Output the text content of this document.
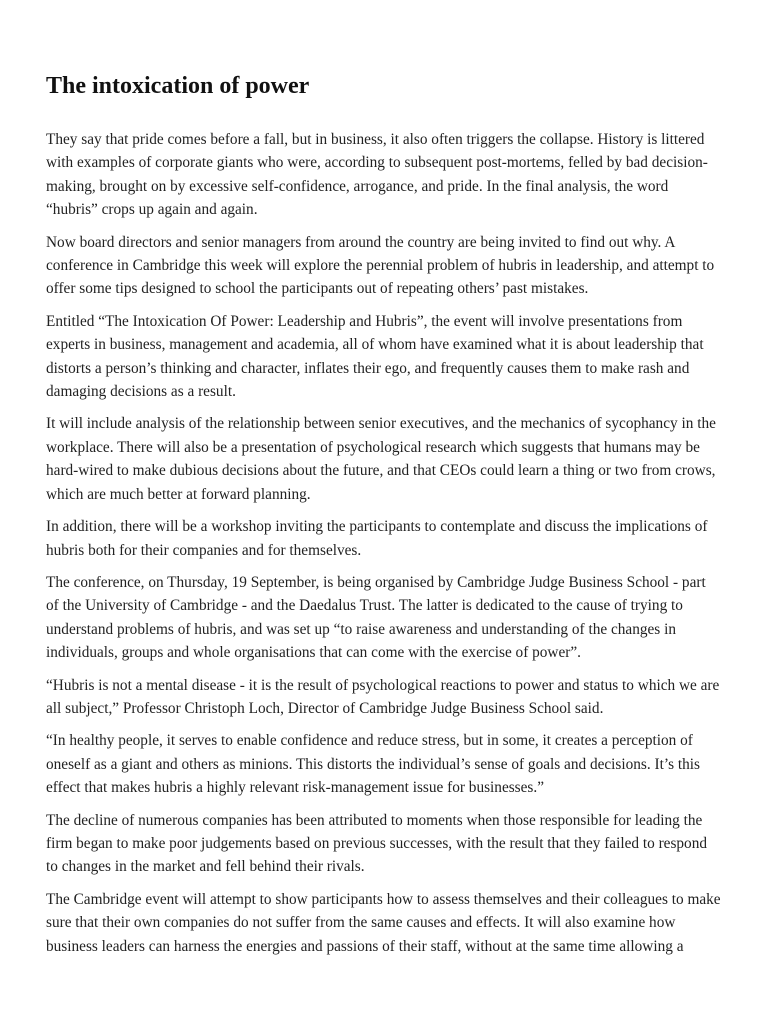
The intoxication of power

They say that pride comes before a fall, but in business, it also often triggers the collapse. History is littered with examples of corporate giants who were, according to subsequent post-mortems, felled by bad decision-making, brought on by excessive self-confidence, arrogance, and pride. In the final analysis, the word “hubris” crops up again and again.

Now board directors and senior managers from around the country are being invited to find out why. A conference in Cambridge this week will explore the perennial problem of hubris in leadership, and attempt to offer some tips designed to school the participants out of repeating others’ past mistakes.

Entitled “The Intoxication Of Power: Leadership and Hubris”, the event will involve presentations from experts in business, management and academia, all of whom have examined what it is about leadership that distorts a person’s thinking and character, inflates their ego, and frequently causes them to make rash and damaging decisions as a result.

It will include analysis of the relationship between senior executives, and the mechanics of sycophancy in the workplace. There will also be a presentation of psychological research which suggests that humans may be hard-wired to make dubious decisions about the future, and that CEOs could learn a thing or two from crows, which are much better at forward planning.

In addition, there will be a workshop inviting the participants to contemplate and discuss the implications of hubris both for their companies and for themselves.

The conference, on Thursday, 19 September, is being organised by Cambridge Judge Business School - part of the University of Cambridge - and the Daedalus Trust. The latter is dedicated to the cause of trying to understand problems of hubris, and was set up “to raise awareness and understanding of the changes in individuals, groups and whole organisations that can come with the exercise of power”.

“Hubris is not a mental disease - it is the result of psychological reactions to power and status to which we are all subject,” Professor Christoph Loch, Director of Cambridge Judge Business School said.

“In healthy people, it serves to enable confidence and reduce stress, but in some, it creates a perception of oneself as a giant and others as minions. This distorts the individual’s sense of goals and decisions. It’s this effect that makes hubris a highly relevant risk-management issue for businesses.”

The decline of numerous companies has been attributed to moments when those responsible for leading the firm began to make poor judgements based on previous successes, with the result that they failed to respond to changes in the market and fell behind their rivals.

The Cambridge event will attempt to show participants how to assess themselves and their colleagues to make sure that their own companies do not suffer from the same causes and effects. It will also examine how business leaders can harness the energies and passions of their staff, without at the same time allowing a
